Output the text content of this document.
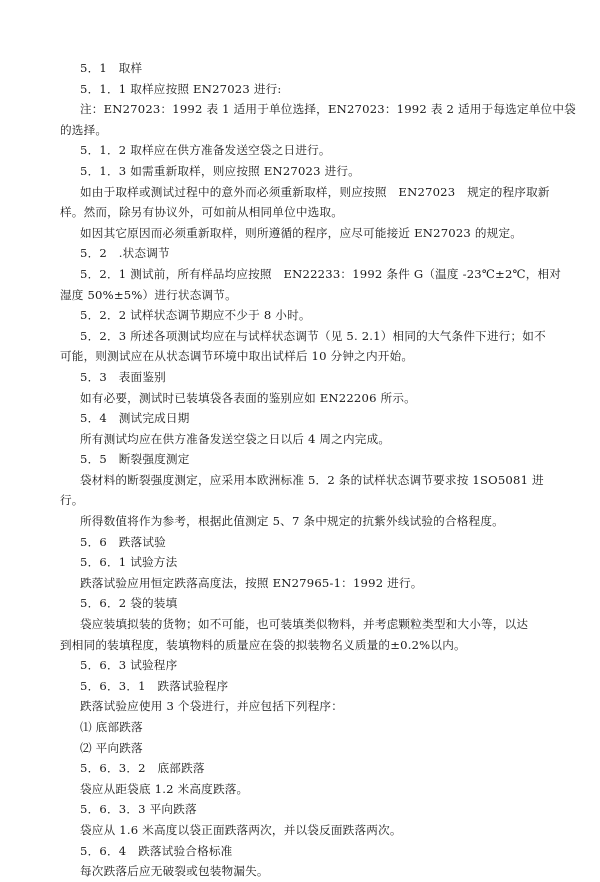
5．1　取样
5．1．1 取样应按照 EN27023 进行:
注：EN27023：1992 表 1 适用于单位选择，EN27023：1992 表 2 适用于每选定单位中袋
的选择。
5．1．2 取样应在供方准备发送空袋之日进行。
5．1．3 如需重新取样，则应按照 EN27023 进行。
如由于取样或测试过程中的意外而必须重新取样，则应按照　EN27023　规定的程序取新
样。然而，除另有协议外，可如前从相同单位中选取。
如因其它原因而必须重新取样，则所遵循的程序，应尽可能接近 EN27023 的规定。
5．2　.状态调节
5．2．1 测试前，所有样品均应按照　EN22233：1992 条件 G（温度 -23℃±2℃，相对
湿度 50%±5%）进行状态调节。
5．2．2 试样状态调节期应不少于 8 小时。
5．2．3 所述各项测试均应在与试样状态调节（见 5. 2.1）相同的大气条件下进行；如不
可能，则测试应在从状态调节环境中取出试样后 10 分钟之内开始。
5．3　表面鉴别
如有必要，测试时已装填袋各表面的鉴别应如 EN22206 所示。
5．4　测试完成日期
所有测试均应在供方准备发送空袋之日以后 4 周之内完成。
5．5　断裂强度测定
袋材料的断裂强度测定，应采用本欧洲标准 5．2 条的试样状态调节要求按 1SO5081 进
行。
所得数值将作为参考，根据此值测定 5、7 条中规定的抗紫外线试验的合格程度。
5．6　跌落试验
5．6．1 试验方法
跌落试验应用恒定跌落高度法，按照 EN27965-1：1992 进行。
5．6．2 袋的装填
袋应装填拟装的货物；如不可能，也可装填类似物料，并考虑颗粒类型和大小等，以达
到相同的装填程度，装填物料的质量应在袋的拟装物名义质量的±0.2%以内。
5．6．3 试验程序
5．6．3．1　跌落试验程序
跌落试验应使用 3 个袋进行，并应包括下列程序：
⑴ 底部跌落
⑵ 平向跌落
5．6．3．2　底部跌落
袋应从距袋底 1.2 米高度跌落。
5．6．3．3 平向跌落
袋应从 1.6 米高度以袋正面跌落两次，并以袋反面跌落两次。
5．6．4　跌落试验合格标准
每次跌落后应无破裂或包装物漏失。
